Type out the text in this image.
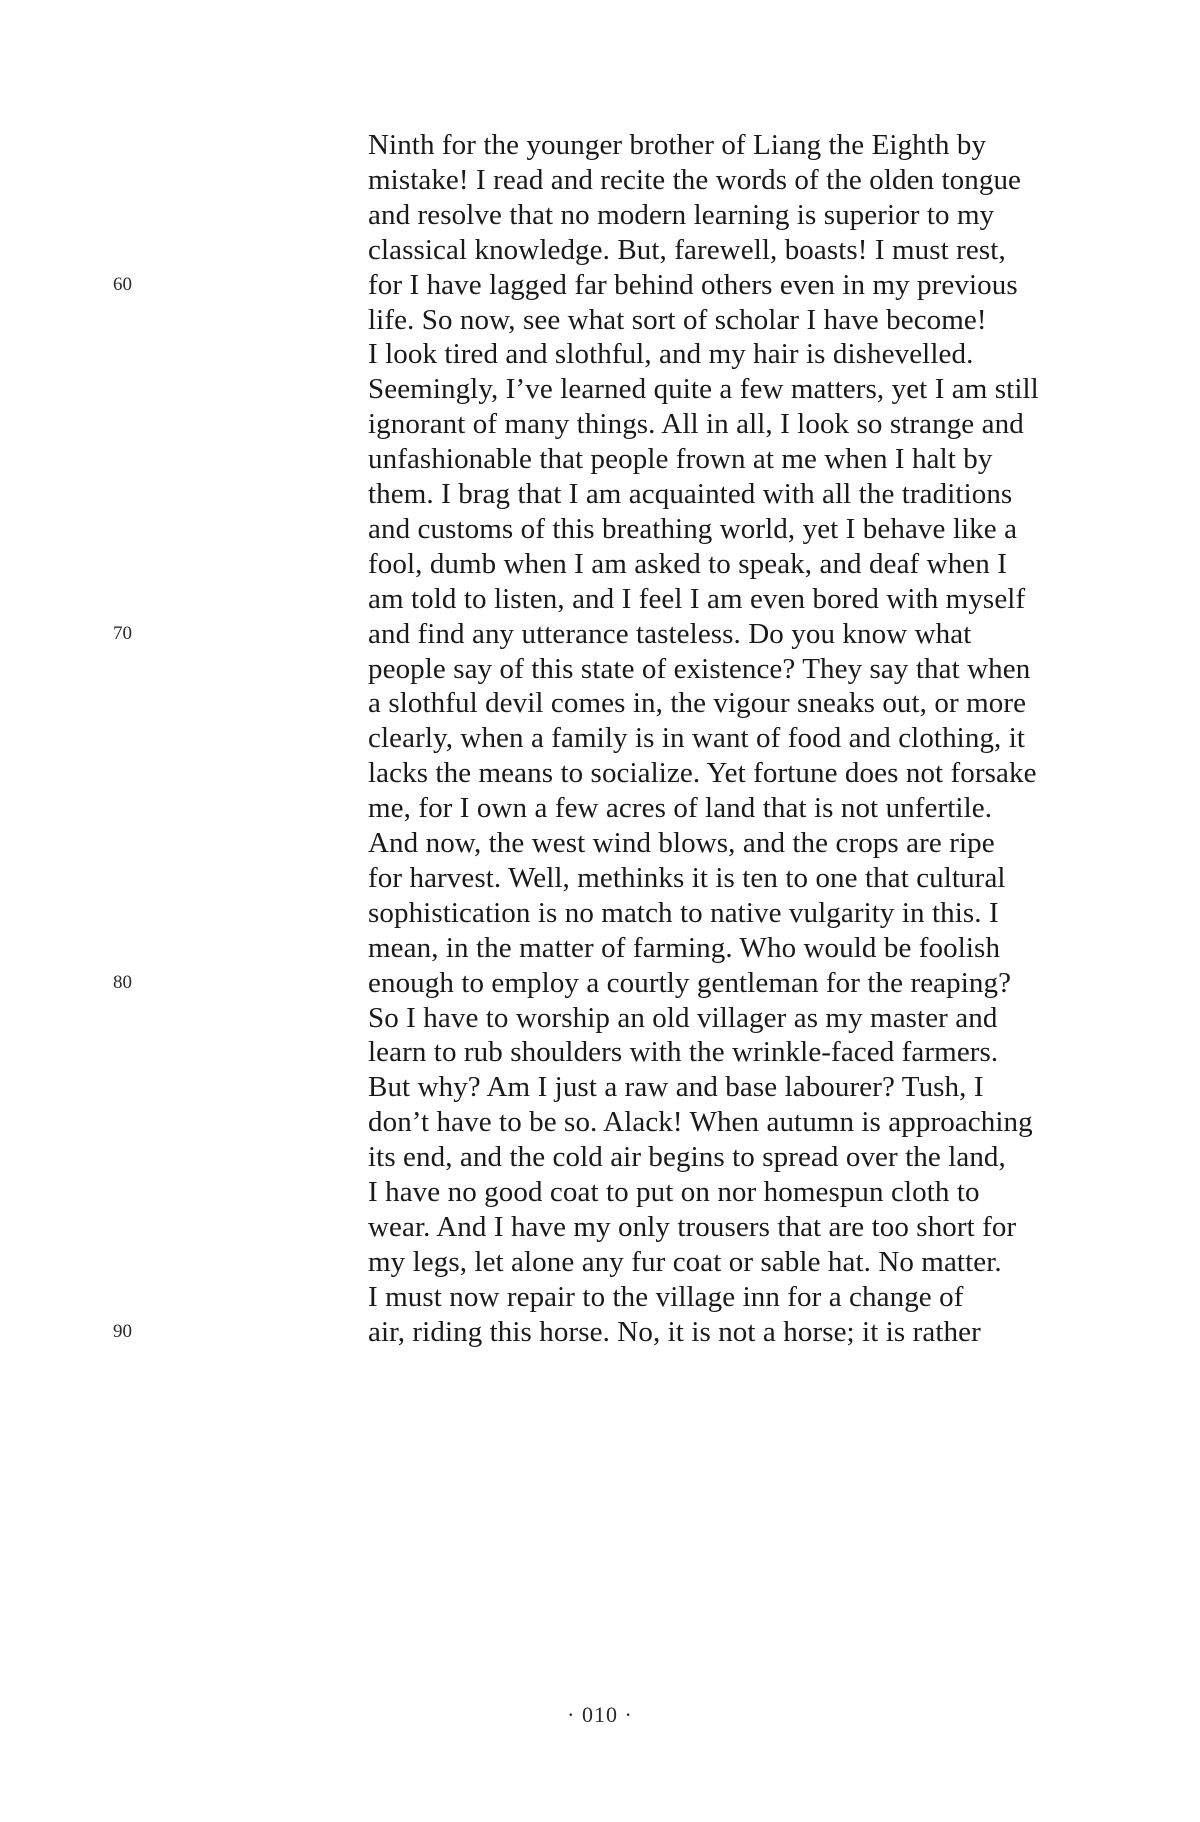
Ninth for the younger brother of Liang the Eighth by
mistake! I read and recite the words of the olden tongue
and resolve that no modern learning is superior to my
classical knowledge. But, farewell, boasts! I must rest,
for I have lagged far behind others even in my previous
life. So now, see what sort of scholar I have become!
I look tired and slothful, and my hair is dishevelled.
Seemingly, I’ve learned quite a few matters, yet I am still
ignorant of many things. All in all, I look so strange and
unfashionable that people frown at me when I halt by
them. I brag that I am acquainted with all the traditions
and customs of this breathing world, yet I behave like a
fool, dumb when I am asked to speak, and deaf when I
am told to listen, and I feel I am even bored with myself
and find any utterance tasteless. Do you know what
people say of this state of existence? They say that when
a slothful devil comes in, the vigour sneaks out, or more
clearly, when a family is in want of food and clothing, it
lacks the means to socialize. Yet fortune does not forsake
me, for I own a few acres of land that is not unfertile.
And now, the west wind blows, and the crops are ripe
for harvest. Well, methinks it is ten to one that cultural
sophistication is no match to native vulgarity in this. I
mean, in the matter of farming. Who would be foolish
enough to employ a courtly gentleman for the reaping?
So I have to worship an old villager as my master and
learn to rub shoulders with the wrinkle-faced farmers.
But why? Am I just a raw and base labourer? Tush, I
don’t have to be so. Alack! When autumn is approaching
its end, and the cold air begins to spread over the land,
I have no good coat to put on nor homespun cloth to
wear. And I have my only trousers that are too short for
my legs, let alone any fur coat or sable hat. No matter.
I must now repair to the village inn for a change of
air, riding this horse. No, it is not a horse; it is rather
60
70
80
90
· 010 ·
